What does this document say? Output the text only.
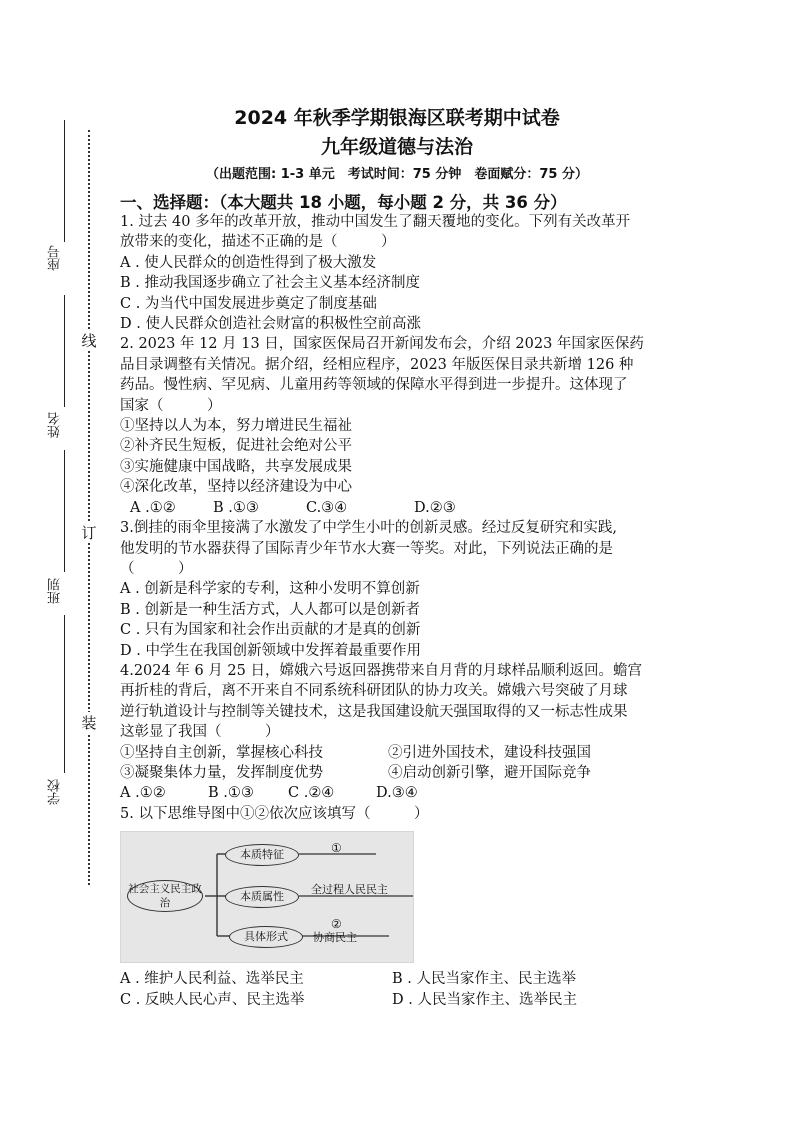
线
订
装
座号
姓名
班别
学校
2024 年秋季学期银海区联考期中试卷
九年级道德与法治
（出题范围: 1-3 单元　考试时间：75 分钟　卷面赋分：75 分）
一、选择题：（本大题共 18 小题，每小题 2 分，共 36 分）

1. 过去 40 多年的改革开放，推动中国发生了翻天覆地的变化。下列有关改革开

放带来的变化，描述不正确的是（　　　）

A . 使人民群众的创造性得到了极大激发

B . 推动我国逐步确立了社会主义基本经济制度

C . 为当代中国发展进步奠定了制度基础

D . 使人民群众创造社会财富的积极性空前高涨

2. 2023 年 12 月 13 日，国家医保局召开新闻发布会，介绍 2023 年国家医保药

品目录调整有关情况。据介绍，经相应程序，2023 年版医保目录共新增 126 种

药品。慢性病、罕见病、儿童用药等领域的保障水平得到进一步提升。这体现了

国家（　　　）

①坚持以人为本，努力增进民生福祉

②补齐民生短板，促进社会绝对公平

③实施健康中国战略，共享发展成果

④深化改革，坚持以经济建设为中心

A .①②	B .①③	C.③④	D.②③

3.倒挂的雨伞里接满了水激发了中学生小叶的创新灵感。经过反复研究和实践,

他发明的节水器获得了国际青少年节水大赛一等奖。对此，下列说法正确的是

（　　　）

A . 创新是科学家的专利，这种小发明不算创新

B . 创新是一种生活方式，人人都可以是创新者

C . 只有为国家和社会作出贡献的才是真的创新

D . 中学生在我国创新领域中发挥着最重要作用

4.2024 年 6 月 25 日，嫦娥六号返回器携带来自月背的月球样品顺利返回。蟾宫

再折桂的背后，离不开来自不同系统科研团队的协力攻关。嫦娥六号突破了月球

逆行轨道设计与控制等关键技术，这是我国建设航天强国取得的又一标志性成果

这彰显了我国（　　　）

①坚持自主创新，掌握核心科技	②引进外国技术，建设科技强国

③凝聚集体力量，发挥制度优势	④启动创新引擎，避开国际竞争

A .①②	B .①③ C .②④	D.③④

5. 以下思维导图中①②依次应该填写（　　　）

社会主义民主政治
本质特征
本质属性
具体形式
①
全过程人民民主
②
协商民主

A . 维护人民利益、选举民主	B . 人民当家作主、民主选举

C . 反映人民心声、民主选举	D . 人民当家作主、选举民主
